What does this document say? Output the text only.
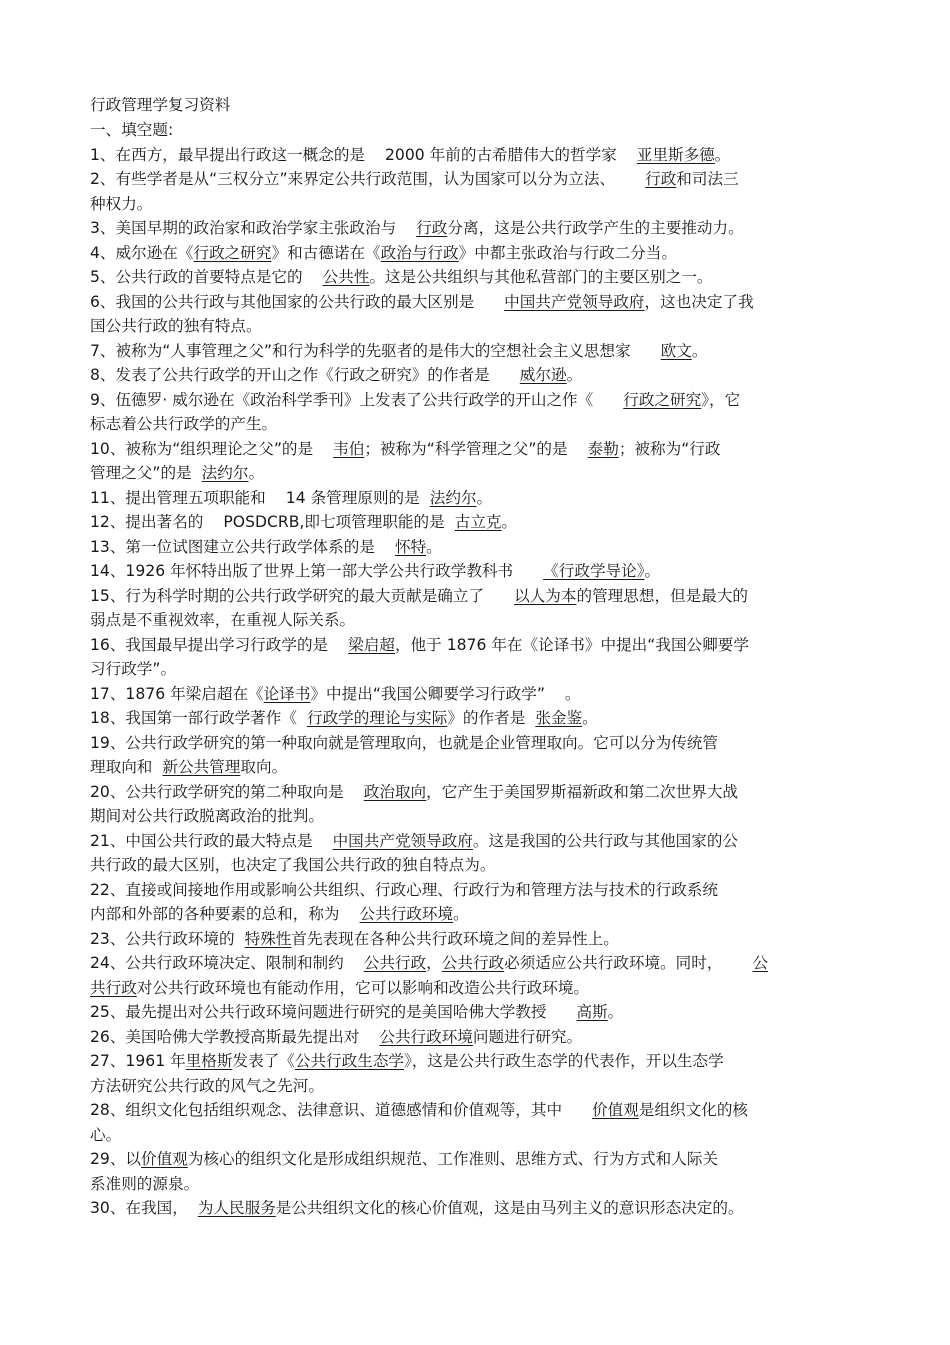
行政管理学复习资料
一、填空题:
1、在西方，最早提出行政这一概念的是 2000 年前的古希腊伟大的哲学家 亚里斯多德。
2、有些学者是从“三权分立”来界定公共行政范围，认为国家可以分为立法、 行政和司法三
种权力。
3、美国早期的政治家和政治学家主张政治与 行政分离，这是公共行政学产生的主要推动力。
4、威尔逊在《行政之研究》和古德诺在《政治与行政》中都主张政治与行政二分当。
5、公共行政的首要特点是它的 公共性。这是公共组织与其他私营部门的主要区别之一。
6、我国的公共行政与其他国家的公共行政的最大区别是 中国共产党领导政府，这也决定了我
国公共行政的独有特点。
7、被称为“人事管理之父”和行为科学的先驱者的是伟大的空想社会主义思想家 欧文。
8、发表了公共行政学的开山之作《行政之研究》的作者是 威尔逊。
9、伍德罗· 威尔逊在《政治科学季刊》上发表了公共行政学的开山之作《 行政之研究》，它
标志着公共行政学的产生。
10、被称为“组织理论之父”的是 韦伯；被称为“科学管理之父”的是 泰勒；被称为“行政
管理之父”的是 法约尔。
11、提出管理五项职能和 14 条管理原则的是 法约尔。
12、提出著名的 POSDCRB,即七项管理职能的是 古立克。
13、第一位试图建立公共行政学体系的是 怀特。
14、1926 年怀特出版了世界上第一部大学公共行政学教科书 《行政学导论》。
15、行为科学时期的公共行政学研究的最大贡献是确立了 以人为本的管理思想，但是最大的
弱点是不重视效率，在重视人际关系。
16、我国最早提出学习行政学的是 梁启超，他于 1876 年在《论译书》中提出“我国公卿要学
习行政学”。
17、1876 年梁启超在《论译书》中提出“我国公卿要学习行政学” 。
18、我国第一部行政学著作《 行政学的理论与实际》的作者是 张金鉴。
19、公共行政学研究的第一种取向就是管理取向，也就是企业管理取向。它可以分为传统管
理取向和 新公共管理取向。
20、公共行政学研究的第二种取向是 政治取向，它产生于美国罗斯福新政和第二次世界大战
期间对公共行政脱离政治的批判。
21、中国公共行政的最大特点是 中国共产党领导政府。这是我国的公共行政与其他国家的公
共行政的最大区别，也决定了我国公共行政的独自特点为。
22、直接或间接地作用或影响公共组织、行政心理、行政行为和管理方法与技术的行政系统
内部和外部的各种要素的总和，称为 公共行政环境。
23、公共行政环境的 特殊性首先表现在各种公共行政环境之间的差异性上。
24、公共行政环境决定、限制和制约 公共行政，公共行政必须适应公共行政环境。同时， 公
共行政对公共行政环境也有能动作用，它可以影响和改造公共行政环境。
25、最先提出对公共行政环境问题进行研究的是美国哈佛大学教授 高斯。
26、美国哈佛大学教授高斯最先提出对 公共行政环境问题进行研究。
27、1961 年里格斯发表了《公共行政生态学》，这是公共行政生态学的代表作，开以生态学
方法研究公共行政的风气之先河。
28、组织文化包括组织观念、法律意识、道德感情和价值观等，其中 价值观是组织文化的核
心。
29、以价值观为核心的组织文化是形成组织规范、工作准则、思维方式、行为方式和人际关
系准则的源泉。
30、在我国， 为人民服务是公共组织文化的核心价值观，这是由马列主义的意识形态决定的。
